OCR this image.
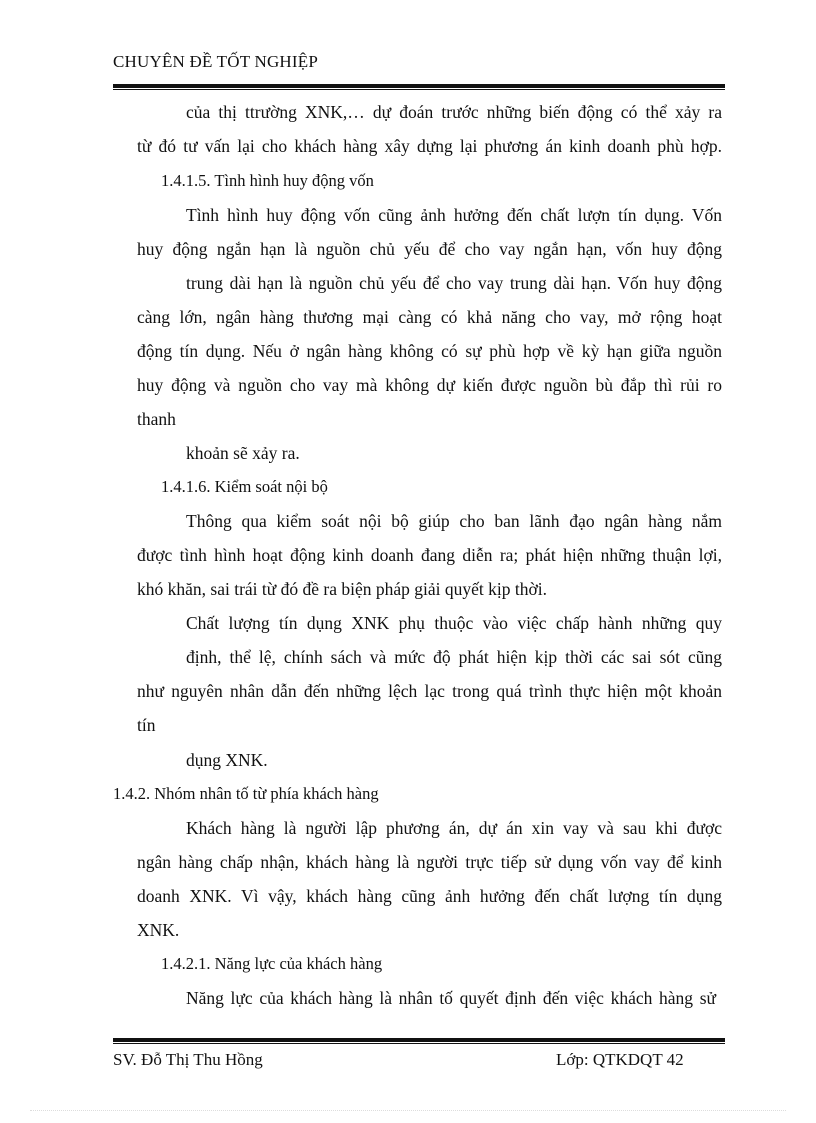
CHUYÊN ĐỀ TỐT NGHIỆP
của thị ttrường XNK,… dự đoán trước những biến động có thể xảy ra
từ đó tư vấn lại cho khách hàng xây dựng lại phương án kinh doanh phù hợp.
1.4.1.5. Tình hình huy động vốn
Tình hình huy động vốn cũng ảnh hưởng đến chất lượn tín dụng. Vốn
huy động ngắn hạn là nguồn chủ yếu để cho vay ngắn hạn, vốn huy động
trung dài hạn là nguồn chủ yếu để cho vay trung dài hạn. Vốn huy động
càng lớn, ngân hàng thương mại càng có khả năng cho vay, mở rộng hoạt
động tín dụng. Nếu ở ngân hàng không có sự phù hợp về kỳ hạn giữa nguồn
huy động và nguồn cho vay mà không dự kiến được nguồn bù đắp thì rủi ro
thanh
khoản sẽ xảy ra.
1.4.1.6. Kiểm soát nội bộ
Thông qua kiểm soát nội bộ giúp cho ban lãnh đạo ngân hàng nắm
được tình hình hoạt động kinh doanh đang diễn ra; phát hiện những thuận lợi,
khó khăn, sai trái từ đó đề ra biện pháp giải quyết kịp thời.
Chất lượng tín dụng XNK phụ thuộc vào việc chấp hành những quy
định, thể lệ, chính sách và mức độ phát hiện kịp thời các sai sót cũng
như nguyên nhân dẫn đến những lệch lạc trong quá trình thực hiện một khoản
tín
dụng XNK.
1.4.2. Nhóm nhân tố từ phía khách hàng
Khách hàng là người lập phương án, dự án xin vay và sau khi được
ngân hàng chấp nhận, khách hàng là người trực tiếp sử dụng vốn vay để kinh
doanh XNK. Vì vậy, khách hàng cũng ảnh hưởng đến chất lượng tín dụng
XNK.
1.4.2.1. Năng lực của khách hàng
Năng lực của khách hàng là nhân tố quyết định đến việc khách hàng sử
SV. Đỗ Thị Thu Hồng	Lớp: QTKDQT 42
